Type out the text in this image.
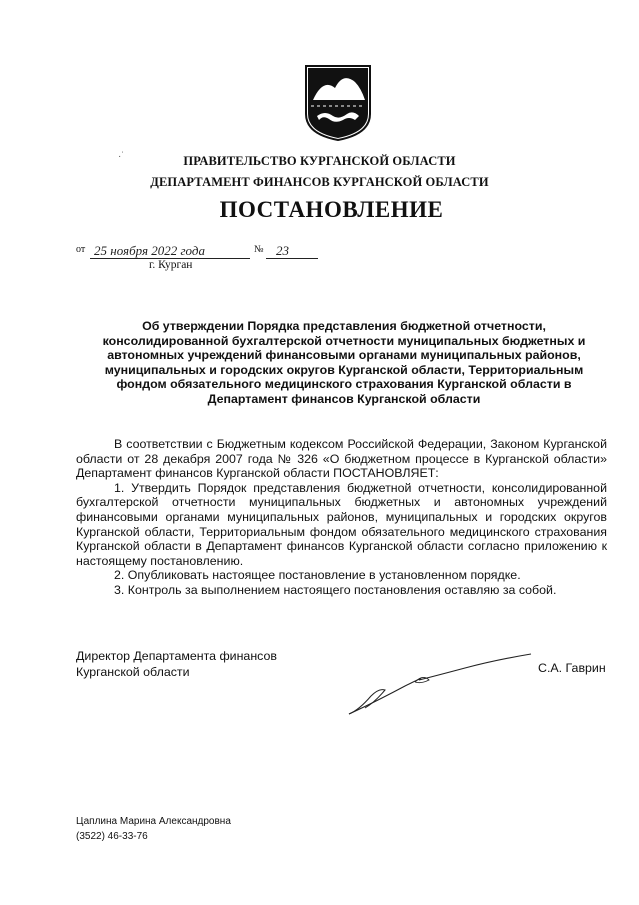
ПРАВИТЕЛЬСТВО КУРГАНСКОЙ ОБЛАСТИ
ДЕПАРТАМЕНТ ФИНАНСОВ КУРГАНСКОЙ ОБЛАСТИ
ПОСТАНОВЛЕНИЕ
от 25 ноября 2022 года	№ 23
г. Курган
Об утверждении Порядка представления бюджетной отчетности, консолидированной бухгалтерской отчетности муниципальных бюджетных и автономных учреждений финансовыми органами муниципальных районов, муниципальных и городских округов Курганской области, Территориальным фондом обязательного медицинского страхования Курганской области в Департамент финансов Курганской области

В соответствии с Бюджетным кодексом Российской Федерации, Законом Курганской области от 28 декабря 2007 года № 326 «О бюджетном процессе в Курганской области» Департамент финансов Курганской области ПОСТАНОВЛЯЕТ:

1. Утвердить Порядок представления бюджетной отчетности, консолидированной бухгалтерской отчетности муниципальных бюджетных и автономных учреждений финансовыми органами муниципальных районов, муниципальных и городских округов Курганской области, Территориальным фондом обязательного медицинского страхования Курганской области в Департамент финансов Курганской области согласно приложению к настоящему постановлению.

2. Опубликовать настоящее постановление в установленном порядке.

3. Контроль за выполнением настоящего постановления оставляю за собой.

Директор Департамента финансов
Курганской области	С.А. Гаврин
Цаплина Марина Александровна
(3522) 46-33-76
·˙
